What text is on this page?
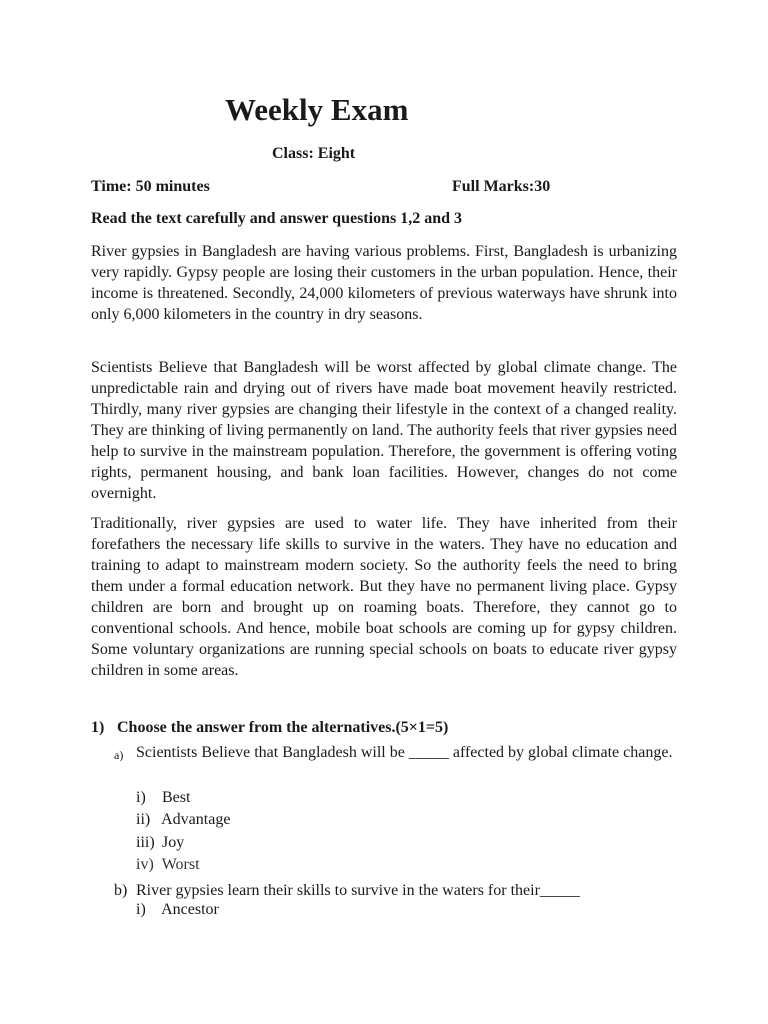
Weekly Exam
Class: Eight
Time: 50 minutes	Full Marks:30
Read the text carefully and answer questions 1,2 and 3

River gypsies in Bangladesh are having various problems. First, Bangladesh is urbanizing very rapidly. Gypsy people are losing their customers in the urban population. Hence, their income is threatened. Secondly, 24,000 kilometers of previous waterways have shrunk into only 6,000 kilometers in the country in dry seasons.

Scientists Believe that Bangladesh will be worst affected by global climate change. The unpredictable rain and drying out of rivers have made boat movement heavily restricted. Thirdly, many river gypsies are changing their lifestyle in the context of a changed reality. They are thinking of living permanently on land. The authority feels that river gypsies need help to survive in the mainstream population. Therefore, the government is offering voting rights, permanent housing, and bank loan facilities. However, changes do not come overnight.

Traditionally, river gypsies are used to water life. They have inherited from their forefathers the necessary life skills to survive in the waters. They have no education and training to adapt to mainstream modern society. So the authority feels the need to bring them under a formal education network. But they have no permanent living place. Gypsy children are born and brought up on roaming boats. Therefore, they cannot go to conventional schools. And hence, mobile boat schools are coming up for gypsy children. Some voluntary organizations are running special schools on boats to educate river gypsy children in some areas.

1) Choose the answer from the alternatives.(5×1=5)
a) Scientists Believe that Bangladesh will be _____ affected by global climate change.
i) Best
ii) Advantage
iii) Joy
iv) Worst
b) River gypsies learn their skills to survive in the waters for their_____
i) Ancestor
